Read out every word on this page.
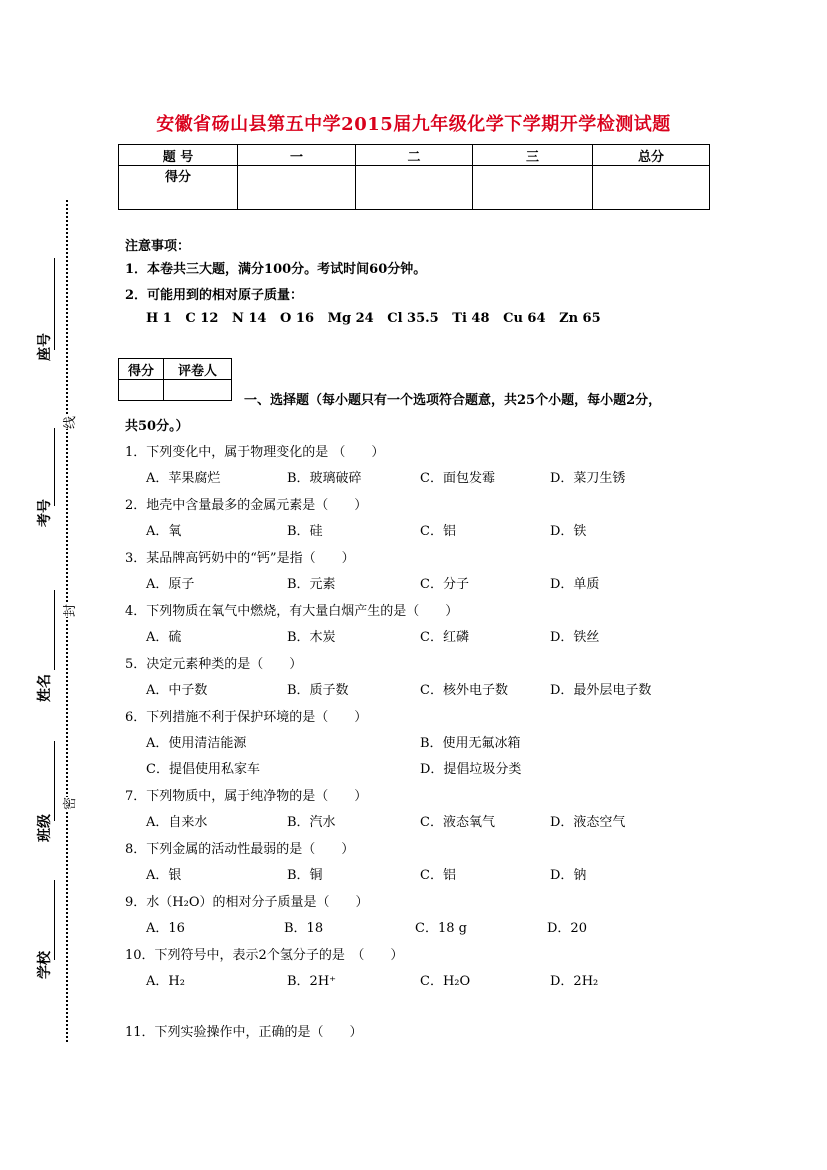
安徽省砀山县第五中学2015届九年级化学下学期开学检测试题
题 号	一	二	三	总分
得分				
注意事项：
1．本卷共三大题，满分100分。考试时间60分钟。
2．可能用到的相对原子质量：
H 1   C 12   N 14   O 16   Mg 24   Cl 35.5   Ti 48   Cu 64   Zn 65
得分	评卷人

一、选择题（每小题只有一个选项符合题意，共25个小题，每小题2分，
共50分。）
1．下列变化中，属于物理变化的是 （　　）
A．苹果腐烂	B．玻璃破碎	C．面包发霉	D．菜刀生锈
2．地壳中含量最多的金属元素是（　　）
A．氧	B．硅	C．铝	D．铁
3．某品牌高钙奶中的“钙”是指（　　）
A．原子	B．元素	C．分子	D．单质
4．下列物质在氧气中燃烧，有大量白烟产生的是（　　）
A．硫	B．木炭	C．红磷	D．铁丝
5．决定元素种类的是（　　）
A．中子数	B．质子数	C．核外电子数	D．最外层电子数
6．下列措施不利于保护环境的是（　　）
A．使用清洁能源	B．使用无氟冰箱
C．提倡使用私家车	D．提倡垃圾分类
7．下列物质中，属于纯净物的是（　　）
A．自来水	B．汽水	C．液态氧气	D．液态空气
8．下列金属的活动性最弱的是（　　）
A．银	B．铜	C．铝	D．钠
9．水（H₂O）的相对分子质量是（　　）
A．16	B．18	C．18 g	D．20
10．下列符号中，表示2个氢分子的是　（　　）
A．H₂	B．2H⁺	C．H₂O	D．2H₂
11．下列实验操作中，正确的是（　　）
座号
考号
姓名
班级
学校
线
封
密
